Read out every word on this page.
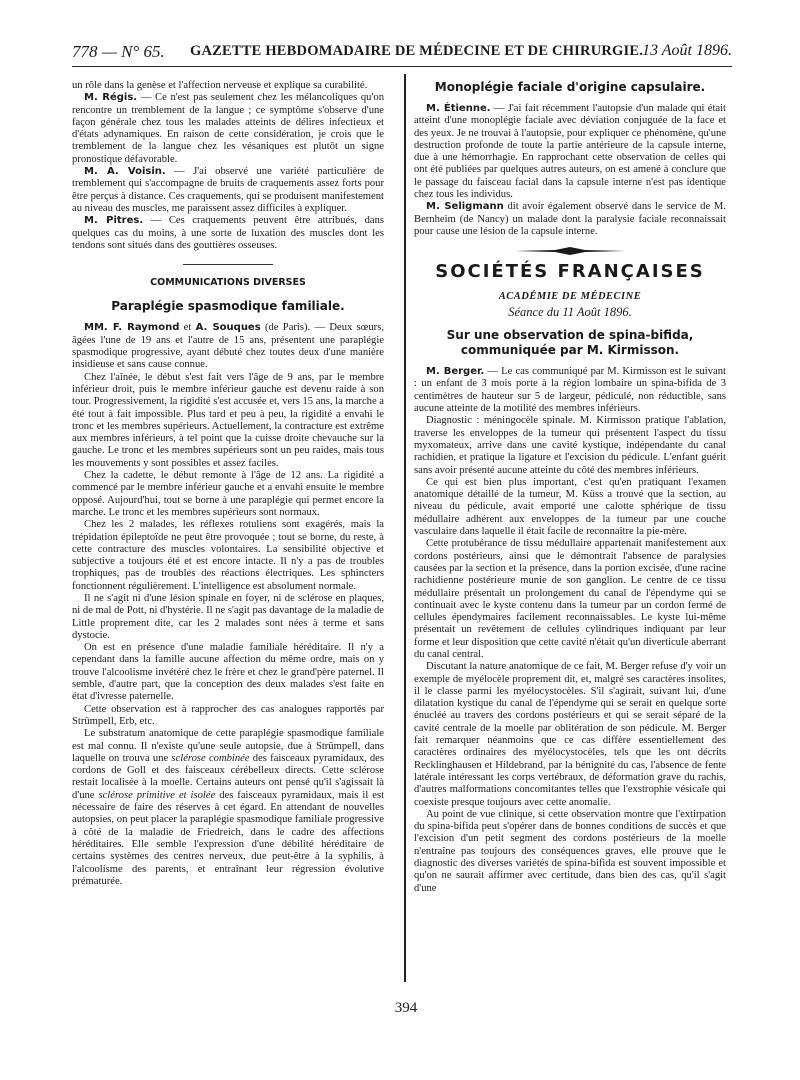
778 — N° 65. GAZETTE HEBDOMADAIRE DE MÉDECINE ET DE CHIRURGIE. 13 Août 1896.

un rôle dans la genèse et l'affection nerveuse et explique sa curabilité.

M. Régis. — Ce n'est pas seulement chez les mélancoliques qu'on rencontre un tremblement de la langue ; ce symptôme s'observe d'une façon générale chez tous les malades atteints de délires infectieux et d'états adynamiques. En raison de cette considération, je crois que le tremblement de la langue chez les vésaniques est plutôt un signe pronostique défavorable.

M. A. Voisin. — J'ai observé une variété particulière de tremblement qui s'accompagne de bruits de craquements assez forts pour être perçus à distance. Ces craquements, qui se produisent manifestement au niveau des muscles, me paraissent assez difficiles à expliquer.

M. Pitres. — Ces craquements peuvent être attribués, dans quelques cas du moins, à une sorte de luxation des muscles dont les tendons sont situés dans des gouttières osseuses.

COMMUNICATIONS DIVERSES
Paraplégie spasmodique familiale.

MM. F. Raymond et A. Souques (de Paris). — Deux sœurs, âgées l'une de 19 ans et l'autre de 15 ans, présentent une paraplégie spasmodique progressive, ayant débuté chez toutes deux d'une manière insidieuse et sans cause connue.

Chez l'aînée, le début s'est fait vers l'âge de 9 ans, par le membre inférieur droit, puis le membre inférieur gauche est devenu raide à son tour. Progressivement, la rigidité s'est accusée et, vers 15 ans, la marche a été tout à fait impossible. Plus tard et peu à peu, la rigidité a envahi le tronc et les membres supérieurs. Actuellement, la contracture est extrême aux membres inférieurs, à tel point que la cuisse droite chevauche sur la gauche. Le tronc et les membres supérieurs sont un peu raides, mais tous les mouvements y sont possibles et assez faciles.

Chez la cadette, le début remonte à l'âge de 12 ans. La rigidité a commencé par le membre inférieur gauche et a envahi ensuite le membre opposé. Aujourd'hui, tout se borne à une paraplégie qui permet encore la marche. Le tronc et les membres supérieurs sont normaux.

Chez les 2 malades, les réflexes rotuliens sont exagérés, mais la trépidation épileptoïde ne peut être provoquée ; tout se borne, du reste, à cette contracture des muscles volontaires. La sensibilité objective et subjective a toujours été et est encore intacte. Il n'y a pas de troubles trophiques, pas de troubles des réactions électriques. Les sphincters fonctionnent régulièrement. L'intelligence est absolument normale.

Il ne s'agit ni d'une lésion spinale en foyer, ni de sclérose en plaques, ni de mal de Pott, ni d'hystérie. Il ne s'agit pas davantage de la maladie de Little proprement dite, car les 2 malades sont nées à terme et sans dystocie.

On est en présence d'une maladie familiale héréditaire. Il n'y a cependant dans la famille aucune affection du même ordre, mais on y trouve l'alcoolisme invétéré chez le frère et chez le grand'père paternel. Il semble, d'autre part, que la conception des deux malades s'est faite en état d'ivresse paternelle.

Cette observation est à rapprocher des cas analogues rapportés par Strümpell, Erb, etc.

Le substratum anatomique de cette paraplégie spasmodique familiale est mal connu. Il n'existe qu'une seule autopsie, due à Strümpell, dans laquelle on trouva une sclérose combinée des faisceaux pyramidaux, des cordons de Goll et des faisceaux cérébelleux directs. Cette sclérose restait localisée à la moelle. Certains auteurs ont pensé qu'il s'agissait là d'une sclérose primitive et isolée des faisceaux pyramidaux, mais il est nécessaire de faire des réserves à cet égard. En attendant de nouvelles autopsies, on peut placer la paraplégie spasmodique familiale progressive à côté de la maladie de Friedreich, dans le cadre des affections héréditaires. Elle semble l'expression d'une débilité héréditaire de certains systèmes des centres nerveux, due peut-être à la syphilis, à l'alcoolisme des parents, et entraînant leur régression évolutive prématurée.

Monoplégie faciale d'origine capsulaire.

M. Étienne. — J'ai fait récemment l'autopsie d'un malade qui était atteint d'une monoplégie faciale avec déviation conjuguée de la face et des yeux. Je ne trouvai à l'autopsie, pour expliquer ce phénomène, qu'une destruction profonde de toute la partie antérieure de la capsule interne, due à une hémorrhagie. En rapprochant cette observation de celles qui ont été publiées par quelques autres auteurs, on est amené à conclure que le passage du faisceau facial dans la capsule interne n'est pas identique chez tous les individus.

M. Seligmann dit avoir également observé dans le service de M. Bernheim (de Nancy) un malade dont la paralysie faciale reconnaissait pour cause une lésion de la capsule interne.

SOCIÉTÉS FRANÇAISES
ACADÉMIE DE MÉDECINE
Séance du 11 Août 1896.
Sur une observation de spina-bifida, communiquée par M. Kirmisson.

M. Berger. — Le cas communiqué par M. Kirmisson est le suivant : un enfant de 3 mois porte à la région lombaire un spina-bifida de 3 centimètres de hauteur sur 5 de largeur, pédiculé, non réductible, sans aucune atteinte de la motilité des membres inférieurs.

Diagnostic : méningocèle spinale. M. Kirmisson pratique l'ablation, traverse les enveloppes de la tumeur qui présentent l'aspect du tissu myxomateux, arrive dans une cavité kystique, indépendante du canal rachidien, et pratique la ligature et l'excision du pédicule. L'enfant guérit sans avoir présenté aucune atteinte du côté des membres inférieurs.

Ce qui est bien plus important, c'est qu'en pratiquant l'examen anatomique détaillé de la tumeur, M. Küss a trouvé que la section, au niveau du pédicule, avait emporté une calotte sphérique de tissu médullaire adhérent aux enveloppes de la tumeur par une couche vasculaire dans laquelle il était facile de reconnaître la pie-mère.

Cette protubérance de tissu médullaire appartenait manifestement aux cordons postérieurs, ainsi que le démontrait l'absence de paralysies causées par la section et la présence, dans la portion excisée, d'une racine rachidienne postérieure munie de son ganglion. Le centre de ce tissu médullaire présentait un prolongement du canal de l'épendyme qui se continuait avec le kyste contenu dans la tumeur par un cordon fermé de cellules épendymaires facilement reconnaissables. Le kyste lui-même présentait un revêtement de cellules cylindriques indiquant par leur forme et leur disposition que cette cavité n'était qu'un diverticule aberrant du canal central.

Discutant la nature anatomique de ce fait, M. Berger refuse d'y voir un exemple de myélocèle proprement dit, et, malgré ses caractères insolites, il le classe parmi les myélocystocèles. S'il s'agirait, suivant lui, d'une dilatation kystique du canal de l'épendyme qui se serait en quelque sorte énucléé au travers des cordons postérieurs et qui se serait séparé de la cavité centrale de la moelle par oblitération de son pédicule. M. Berger fait remarquer néanmoins que ce cas diffère essentiellement des caractères ordinaires des myélocystocèles, tels que les ont décrits Recklinghausen et Hildebrand, par la bénignité du cas, l'absence de fente latérale intéressant les corps vertébraux, de déformation grave du rachis, d'autres malformations concomitantes telles que l'exstrophie vésicale qui coexiste presque toujours avec cette anomalie.

Au point de vue clinique, si cette observation montre que l'extirpation du spina-bifida peut s'opérer dans de bonnes conditions de succès et que l'excision d'un petit segment des cordons postérieurs de la moelle n'entraîne pas toujours des conséquences graves, elle prouve que le diagnostic des diverses variétés de spina-bifida est souvent impossible et qu'on ne saurait affirmer avec certitude, dans bien des cas, qu'il s'agit d'une

394
